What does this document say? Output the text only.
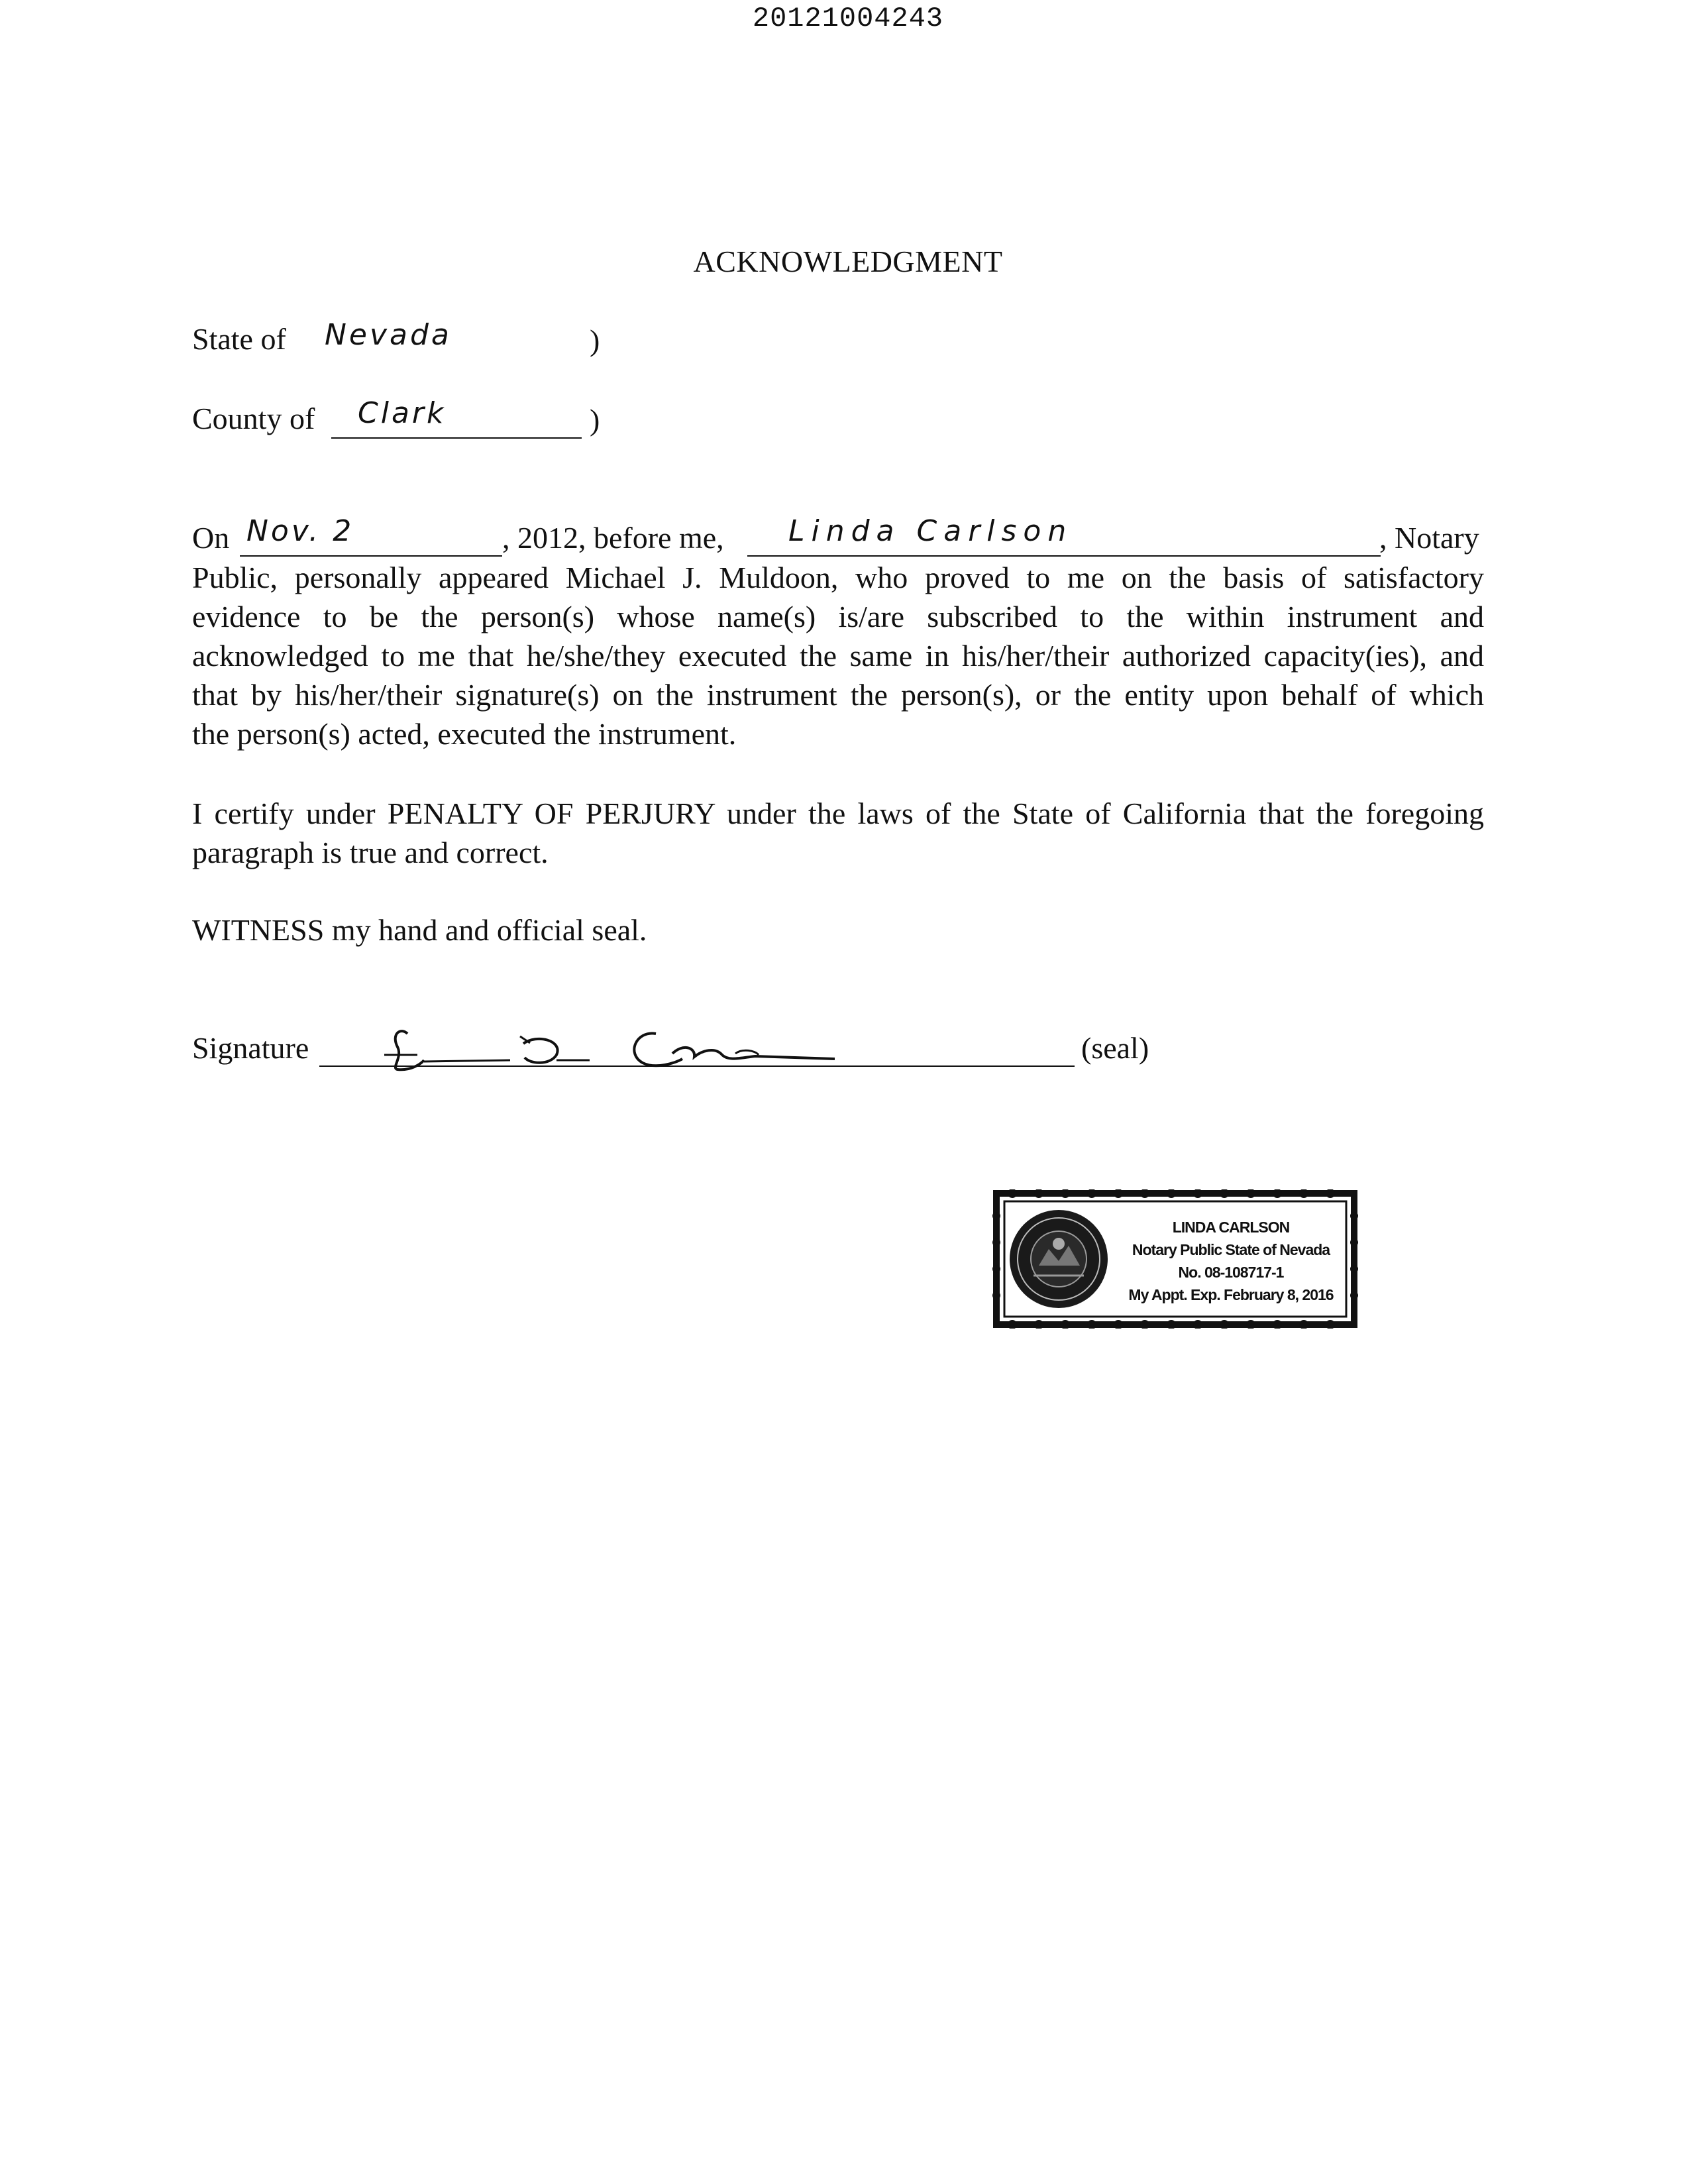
20121004243
ACKNOWLEDGMENT
State of Nevada	)
County of Clark	)
On Nov. 2	, 2012, before me, Linda Carlson	, Notary
Public, personally appeared Michael J. Muldoon, who proved to me on the basis of satisfactory
evidence to be the person(s) whose name(s) is/are subscribed to the within instrument and
acknowledged to me that he/she/they executed the same in his/her/their authorized capacity(ies), and
that by his/her/their signature(s) on the instrument the person(s), or the entity upon behalf of which
the person(s) acted, executed the instrument.
I certify under PENALTY OF PERJURY under the laws of the State of California that the foregoing
paragraph is true and correct.
WITNESS my hand and official seal.
Signature	(seal)
LINDA CARLSON
Notary Public State of Nevada
No. 08-108717-1
My Appt. Exp. February 8, 2016
